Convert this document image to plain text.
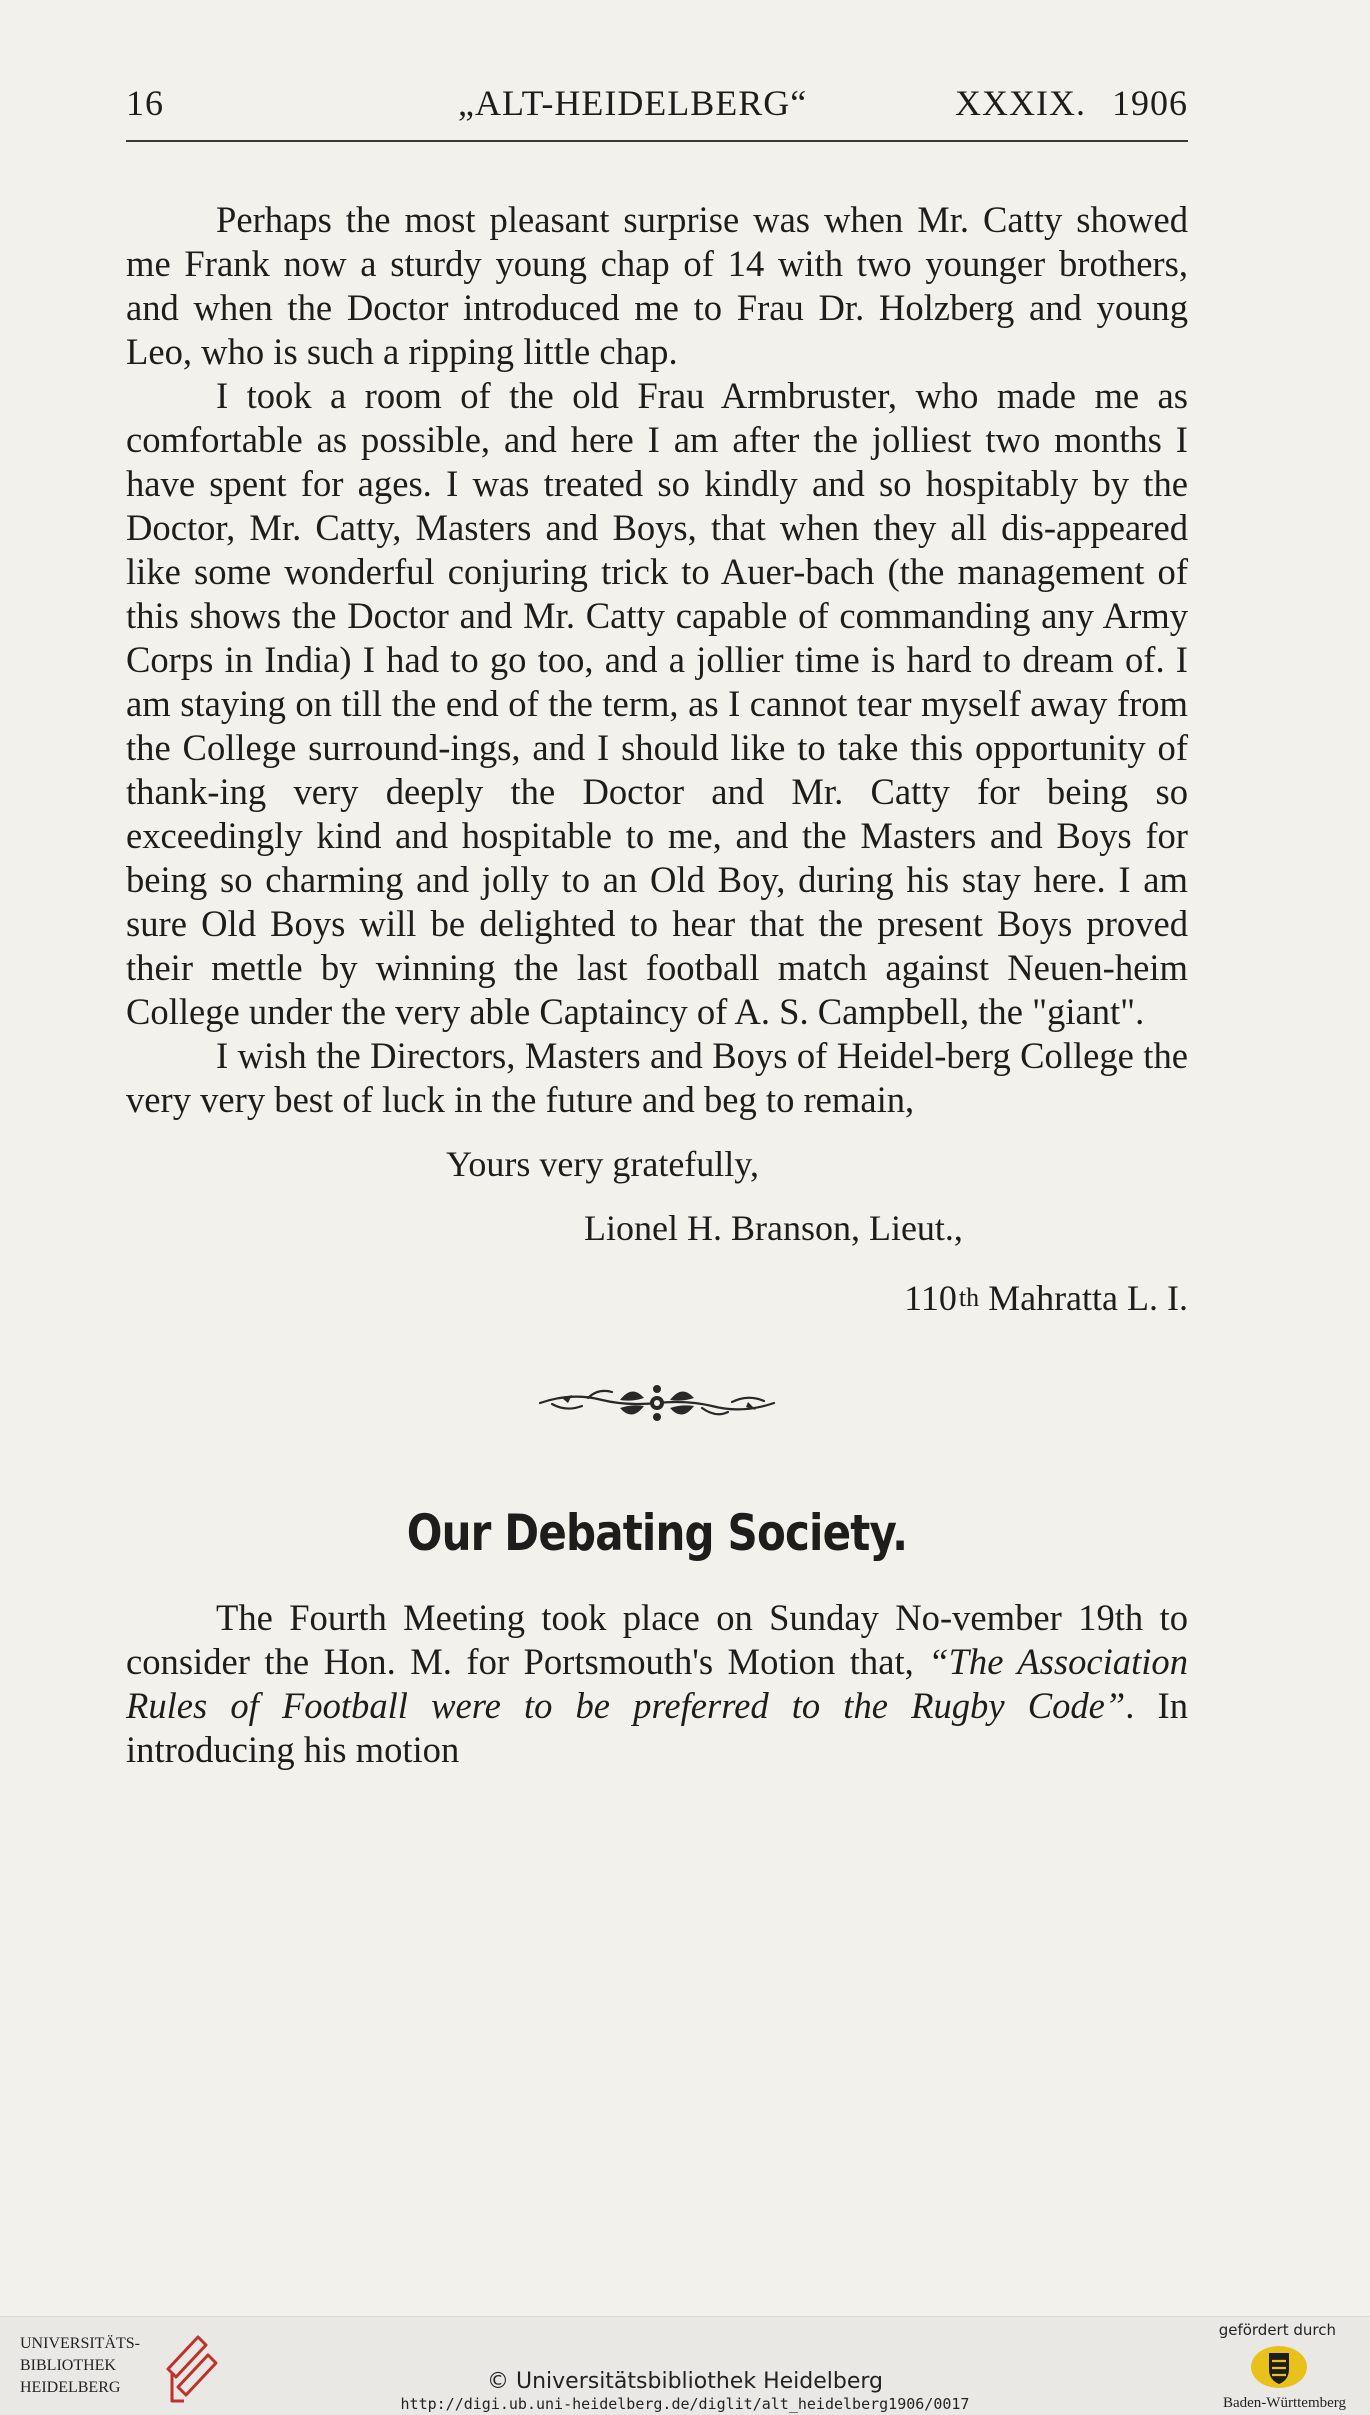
16	„ALT-HEIDELBERG“	XXXIX. 1906

Perhaps the most pleasant surprise was when Mr. Catty showed me Frank now a sturdy young chap of 14 with two younger brothers, and when the Doctor introduced me to Frau Dr. Holzberg and young Leo, who is such a ripping little chap.

I took a room of the old Frau Armbruster, who made me as comfortable as possible, and here I am after the jolliest two months I have spent for ages. I was treated so kindly and so hospitably by the Doctor, Mr. Catty, Masters and Boys, that when they all dis-appeared like some wonderful conjuring trick to Auer-bach (the management of this shows the Doctor and Mr. Catty capable of commanding any Army Corps in India) I had to go too, and a jollier time is hard to dream of. I am staying on till the end of the term, as I cannot tear myself away from the College surround-ings, and I should like to take this opportunity of thank-ing very deeply the Doctor and Mr. Catty for being so exceedingly kind and hospitable to me, and the Masters and Boys for being so charming and jolly to an Old Boy, during his stay here. I am sure Old Boys will be delighted to hear that the present Boys proved their mettle by winning the last football match against Neuen-heim College under the very able Captaincy of A. S. Campbell, the "giant".

I wish the Directors, Masters and Boys of Heidel-berg College the very very best of luck in the future and beg to remain,

Yours very gratefully,
Lionel H. Branson, Lieut.,
110th Mahratta L. I.
Our Debating Society.

The Fourth Meeting took place on Sunday No-vember 19th to consider the Hon. M. for Portsmouth's Motion that, “The Association Rules of Football were to be preferred to the Rugby Code”. In introducing his motion

UNIVERSITÄTS-
BIBLIOTHEK
HEIDELBERG	© Universitätsbibliothek Heidelberg
http://digi.ub.uni-heidelberg.de/diglit/alt_heidelberg1906/0017
gefördert durch
Baden-Württemberg
